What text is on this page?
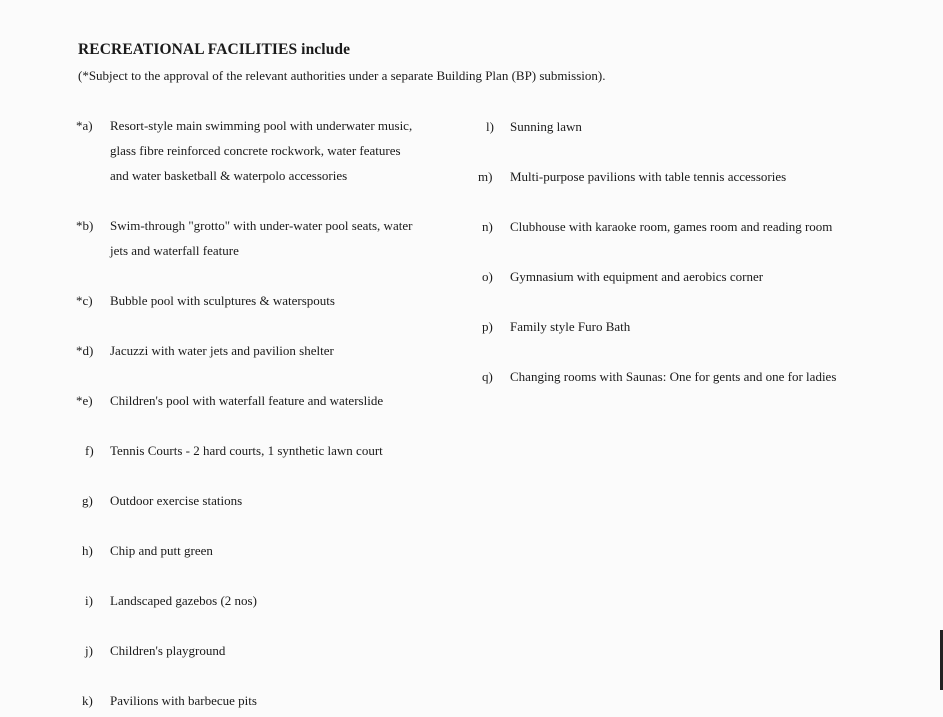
RECREATIONAL FACILITIES include
(*Subject to the approval of the relevant authorities under a separate Building Plan (BP) submission).
*a) Resort-style main swimming pool with underwater music,
glass fibre reinforced concrete rockwork, water features
and water basketball & waterpolo accessories
*b) Swim-through "grotto" with under-water pool seats, water
jets and waterfall feature
*c) Bubble pool with sculptures & waterspouts
*d) Jacuzzi with water jets and pavilion shelter
*e) Children's pool with waterfall feature and waterslide
f) Tennis Courts - 2 hard courts, 1 synthetic lawn court
g) Outdoor exercise stations
h) Chip and putt green
i) Landscaped gazebos (2 nos)
j) Children's playground
k) Pavilions with barbecue pits
l) Sunning lawn
m) Multi-purpose pavilions with table tennis accessories
n) Clubhouse with karaoke room, games room and reading room
o) Gymnasium with equipment and aerobics corner
p) Family style Furo Bath
q) Changing rooms with Saunas: One for gents and one for ladies
